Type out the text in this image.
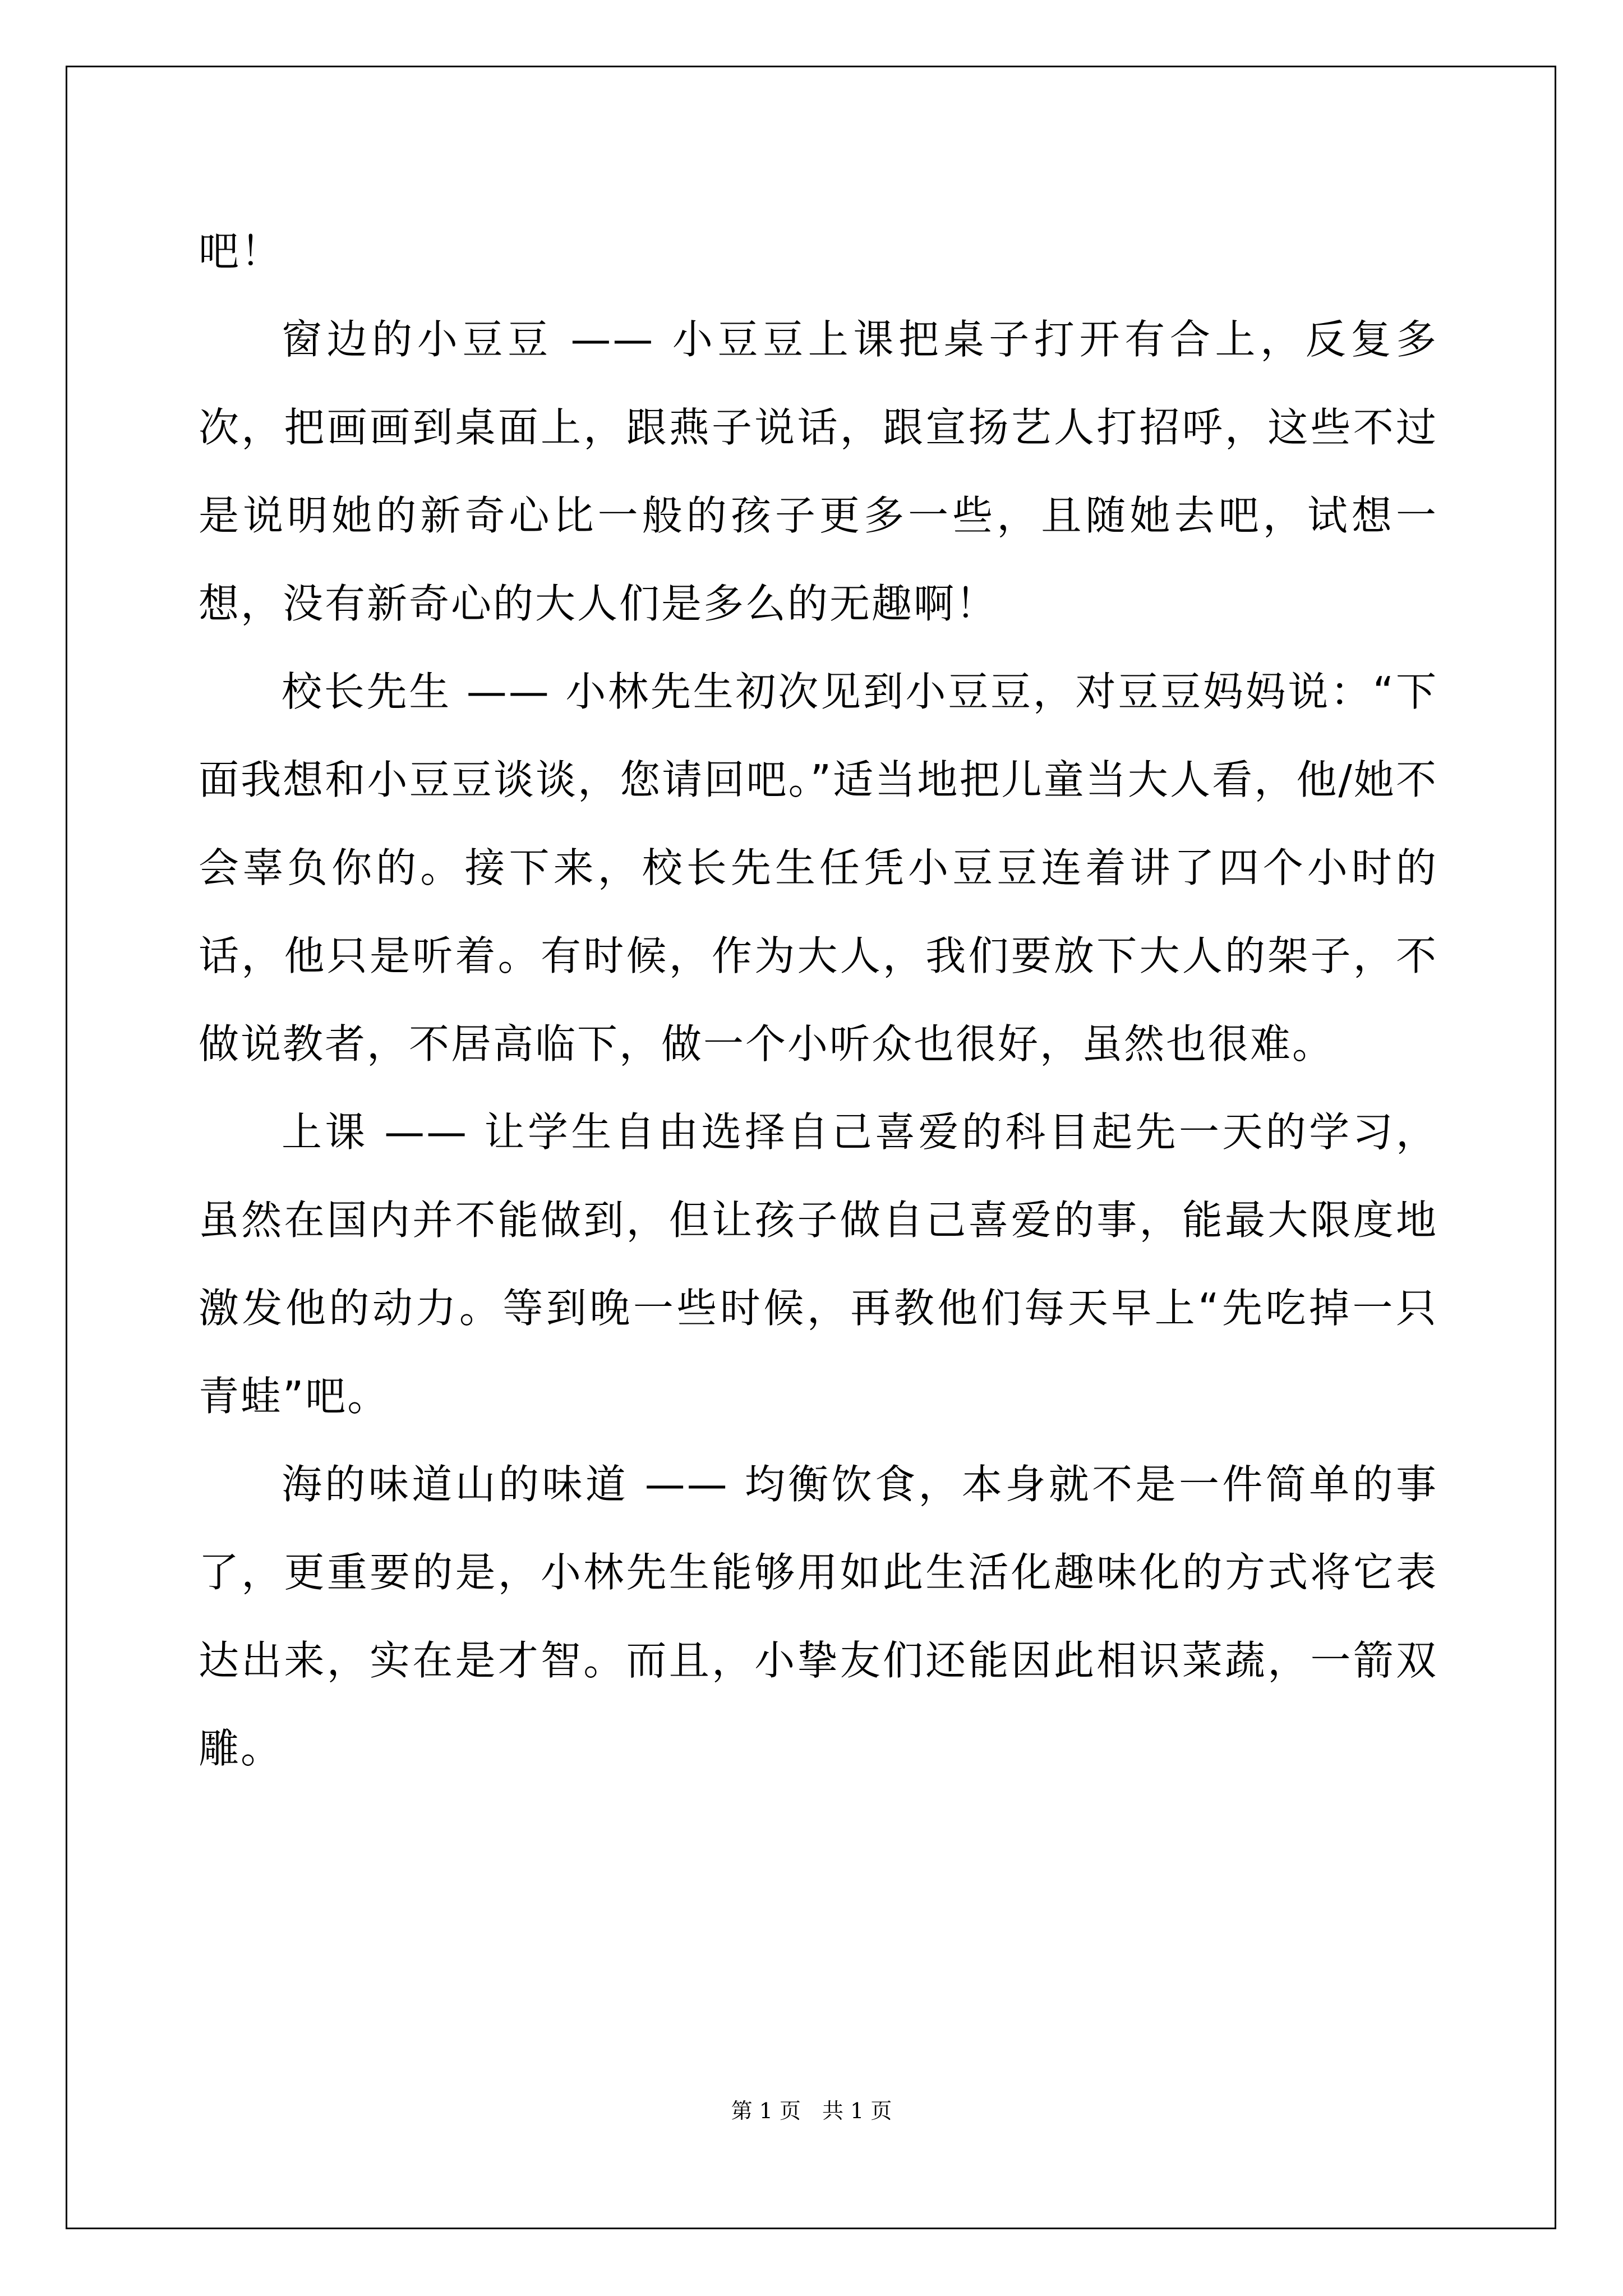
吧！

窗边的小豆豆 —— 小豆豆上课把桌子打开有合上，反复多次，把画画到桌面上，跟燕子说话，跟宣扬艺人打招呼，这些不过是说明她的新奇心比一般的孩子更多一些，且随她去吧，试想一想，没有新奇心的大人们是多么的无趣啊！

校长先生 —— 小林先生初次见到小豆豆，对豆豆妈妈说：“下面我想和小豆豆谈谈，您请回吧。”适当地把儿童当大人看，他/她不会辜负你的。接下来，校长先生任凭小豆豆连着讲了四个小时的话，他只是听着。有时候，作为大人，我们要放下大人的架子，不做说教者，不居高临下，做一个小听众也很好，虽然也很难。

上课 —— 让学生自由选择自己喜爱的科目起先一天的学习，虽然在国内并不能做到，但让孩子做自己喜爱的事，能最大限度地激发他的动力。等到晚一些时候，再教他们每天早上“先吃掉一只青蛙”吧。

海的味道山的味道 —— 均衡饮食，本身就不是一件简单的事了，更重要的是，小林先生能够用如此生活化趣味化的方式将它表达出来，实在是才智。而且，小挚友们还能因此相识菜蔬，一箭双雕。

第 1 页　共 1 页
